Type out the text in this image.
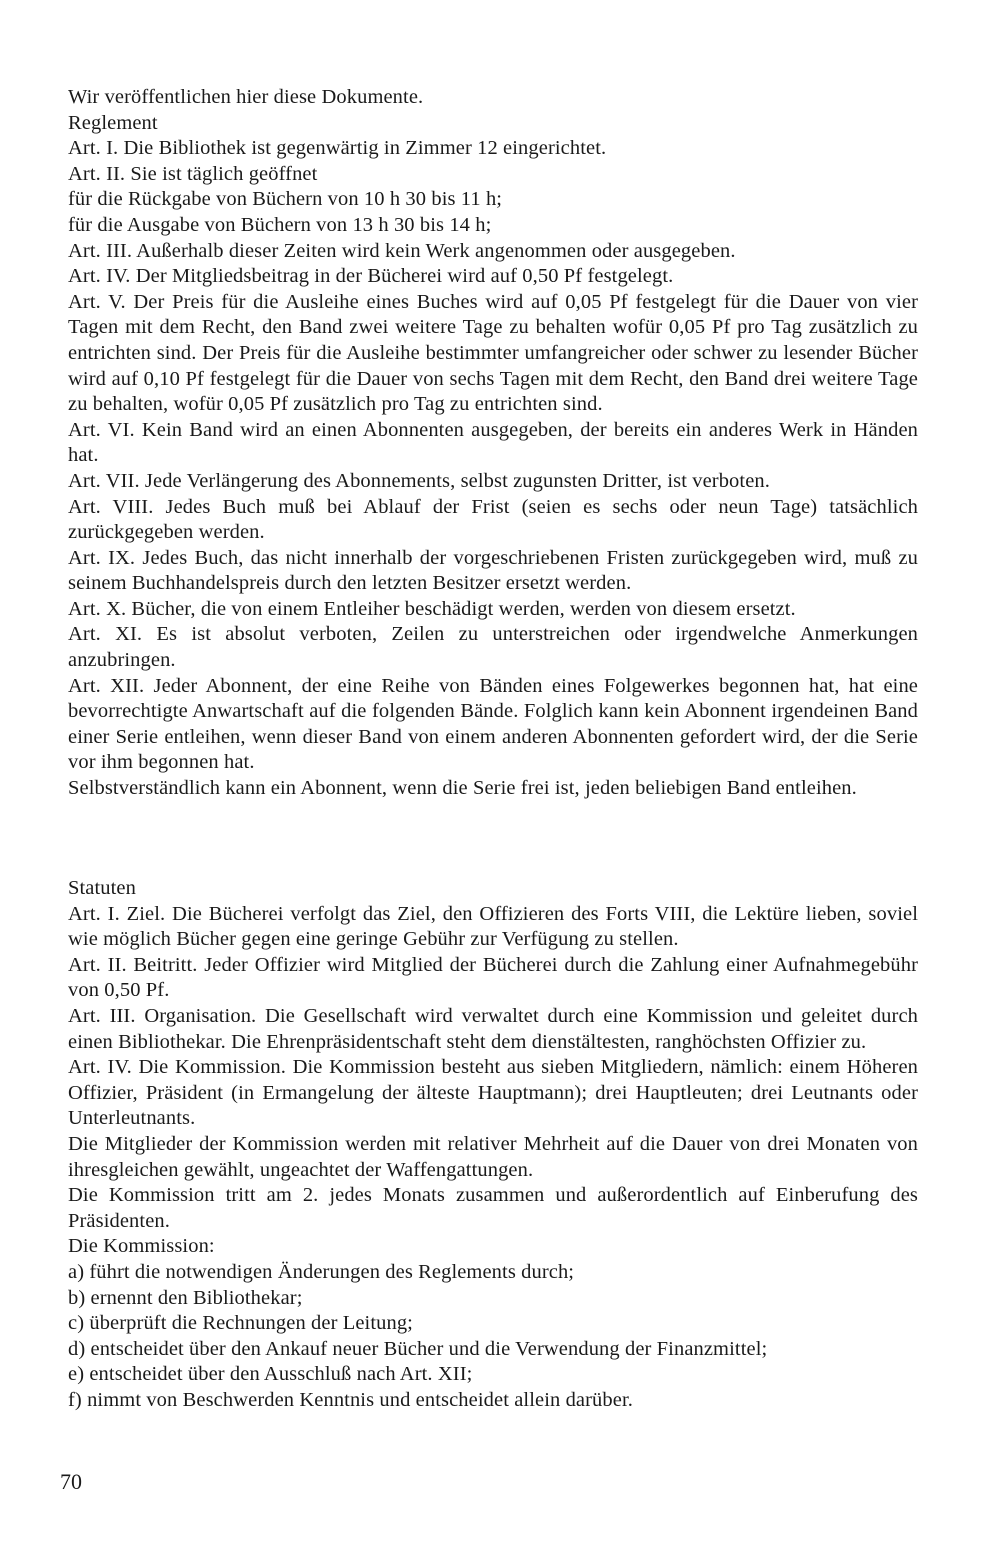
Wir veröffentlichen hier diese Dokumente.

Reglement

Art. I. Die Bibliothek ist gegenwärtig in Zimmer 12 eingerichtet.

Art. II. Sie ist täglich geöffnet

für die Rückgabe von Büchern von 10 h 30 bis 11 h;

für die Ausgabe von Büchern von 13 h 30 bis 14 h;

Art. III. Außerhalb dieser Zeiten wird kein Werk angenommen oder ausgegeben.

Art. IV. Der Mitgliedsbeitrag in der Bücherei wird auf 0,50 Pf festgelegt.

Art. V. Der Preis für die Ausleihe eines Buches wird auf 0,05 Pf festgelegt für die Dauer von vier Tagen mit dem Recht, den Band zwei weitere Tage zu behalten wofür 0,05 Pf pro Tag zusätzlich zu entrichten sind. Der Preis für die Ausleihe bestimmter umfangreicher oder schwer zu lesender Bücher wird auf 0,10 Pf festgelegt für die Dauer von sechs Tagen mit dem Recht, den Band drei weitere Tage zu behalten, wofür 0,05 Pf zusätzlich pro Tag zu entrichten sind.

Art. VI. Kein Band wird an einen Abonnenten ausgegeben, der bereits ein anderes Werk in Händen hat.

Art. VII. Jede Verlängerung des Abonnements, selbst zugunsten Dritter, ist verboten.

Art. VIII. Jedes Buch muß bei Ablauf der Frist (seien es sechs oder neun Tage) tatsächlich zurückgegeben werden.

Art. IX. Jedes Buch, das nicht innerhalb der vorgeschriebenen Fristen zurückgegeben wird, muß zu seinem Buchhandelspreis durch den letzten Besitzer ersetzt werden.

Art. X. Bücher, die von einem Entleiher beschädigt werden, werden von diesem ersetzt.

Art. XI. Es ist absolut verboten, Zeilen zu unterstreichen oder irgendwelche Anmerkungen anzubringen.

Art. XII. Jeder Abonnent, der eine Reihe von Bänden eines Folgewerkes begonnen hat, hat eine bevorrechtigte Anwartschaft auf die folgenden Bände. Folglich kann kein Abonnent irgendeinen Band einer Serie entleihen, wenn dieser Band von einem anderen Abonnenten gefordert wird, der die Serie vor ihm begonnen hat.

Selbstverständlich kann ein Abonnent, wenn die Serie frei ist, jeden beliebigen Band entleihen.

Statuten

Art. I. Ziel. Die Bücherei verfolgt das Ziel, den Offizieren des Forts VIII, die Lektüre lieben, soviel wie möglich Bücher gegen eine geringe Gebühr zur Verfügung zu stellen.

Art. II. Beitritt. Jeder Offizier wird Mitglied der Bücherei durch die Zahlung einer Aufnahmegebühr von 0,50 Pf.

Art. III. Organisation. Die Gesellschaft wird verwaltet durch eine Kommission und geleitet durch einen Bibliothekar. Die Ehrenpräsidentschaft steht dem dienstältesten, ranghöchsten Offizier zu.

Art. IV. Die Kommission. Die Kommission besteht aus sieben Mitgliedern, nämlich: einem Höheren Offizier, Präsident (in Ermangelung der älteste Hauptmann); drei Hauptleuten; drei Leutnants oder Unterleutnants.

Die Mitglieder der Kommission werden mit relativer Mehrheit auf die Dauer von drei Monaten von ihresgleichen gewählt, ungeachtet der Waffengattungen.

Die Kommission tritt am 2. jedes Monats zusammen und außerordentlich auf Einberufung des Präsidenten.

Die Kommission:

a) führt die notwendigen Änderungen des Reglements durch;

b) ernennt den Bibliothekar;

c) überprüft die Rechnungen der Leitung;

d) entscheidet über den Ankauf neuer Bücher und die Verwendung der Finanzmittel;

e) entscheidet über den Ausschluß nach Art. XII;

f) nimmt von Beschwerden Kenntnis und entscheidet allein darüber.

70
